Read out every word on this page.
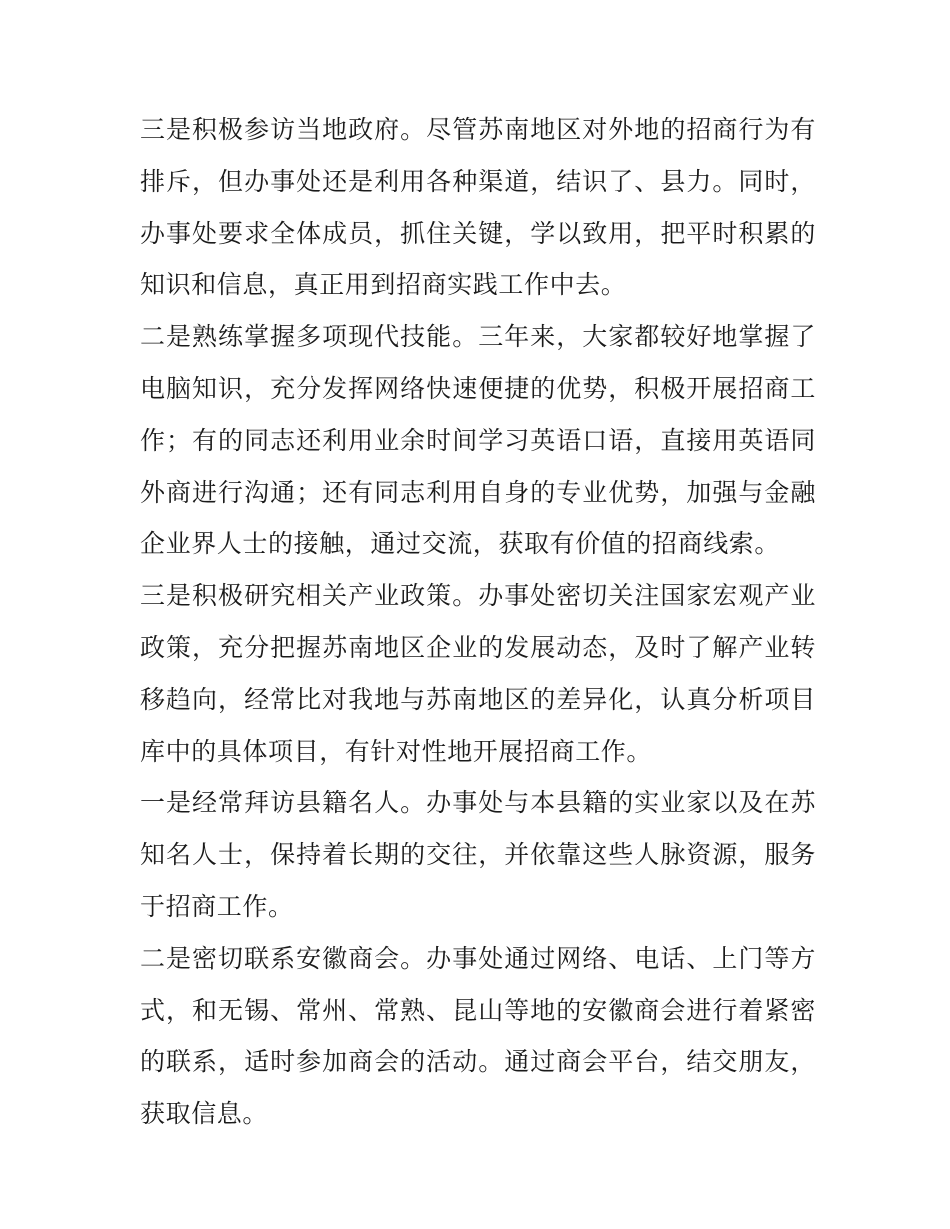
三是积极参访当地政府。尽管苏南地区对外地的招商行为有排斥，但办事处还是利用各种渠道，结识了、县力。同时，办事处要求全体成员，抓住关键，学以致用，把平时积累的知识和信息，真正用到招商实践工作中去。

二是熟练掌握多项现代技能。三年来，大家都较好地掌握了电脑知识，充分发挥网络快速便捷的优势，积极开展招商工作；有的同志还利用业余时间学习英语口语，直接用英语同外商进行沟通；还有同志利用自身的专业优势，加强与金融企业界人士的接触，通过交流，获取有价值的招商线索。

三是积极研究相关产业政策。办事处密切关注国家宏观产业政策，充分把握苏南地区企业的发展动态，及时了解产业转移趋向，经常比对我地与苏南地区的差异化，认真分析项目库中的具体项目，有针对性地开展招商工作。

一是经常拜访县籍名人。办事处与本县籍的实业家以及在苏知名人士，保持着长期的交往，并依靠这些人脉资源，服务于招商工作。

二是密切联系安徽商会。办事处通过网络、电话、上门等方式，和无锡、常州、常熟、昆山等地的安徽商会进行着紧密的联系，适时参加商会的活动。通过商会平台，结交朋友，获取信息。
